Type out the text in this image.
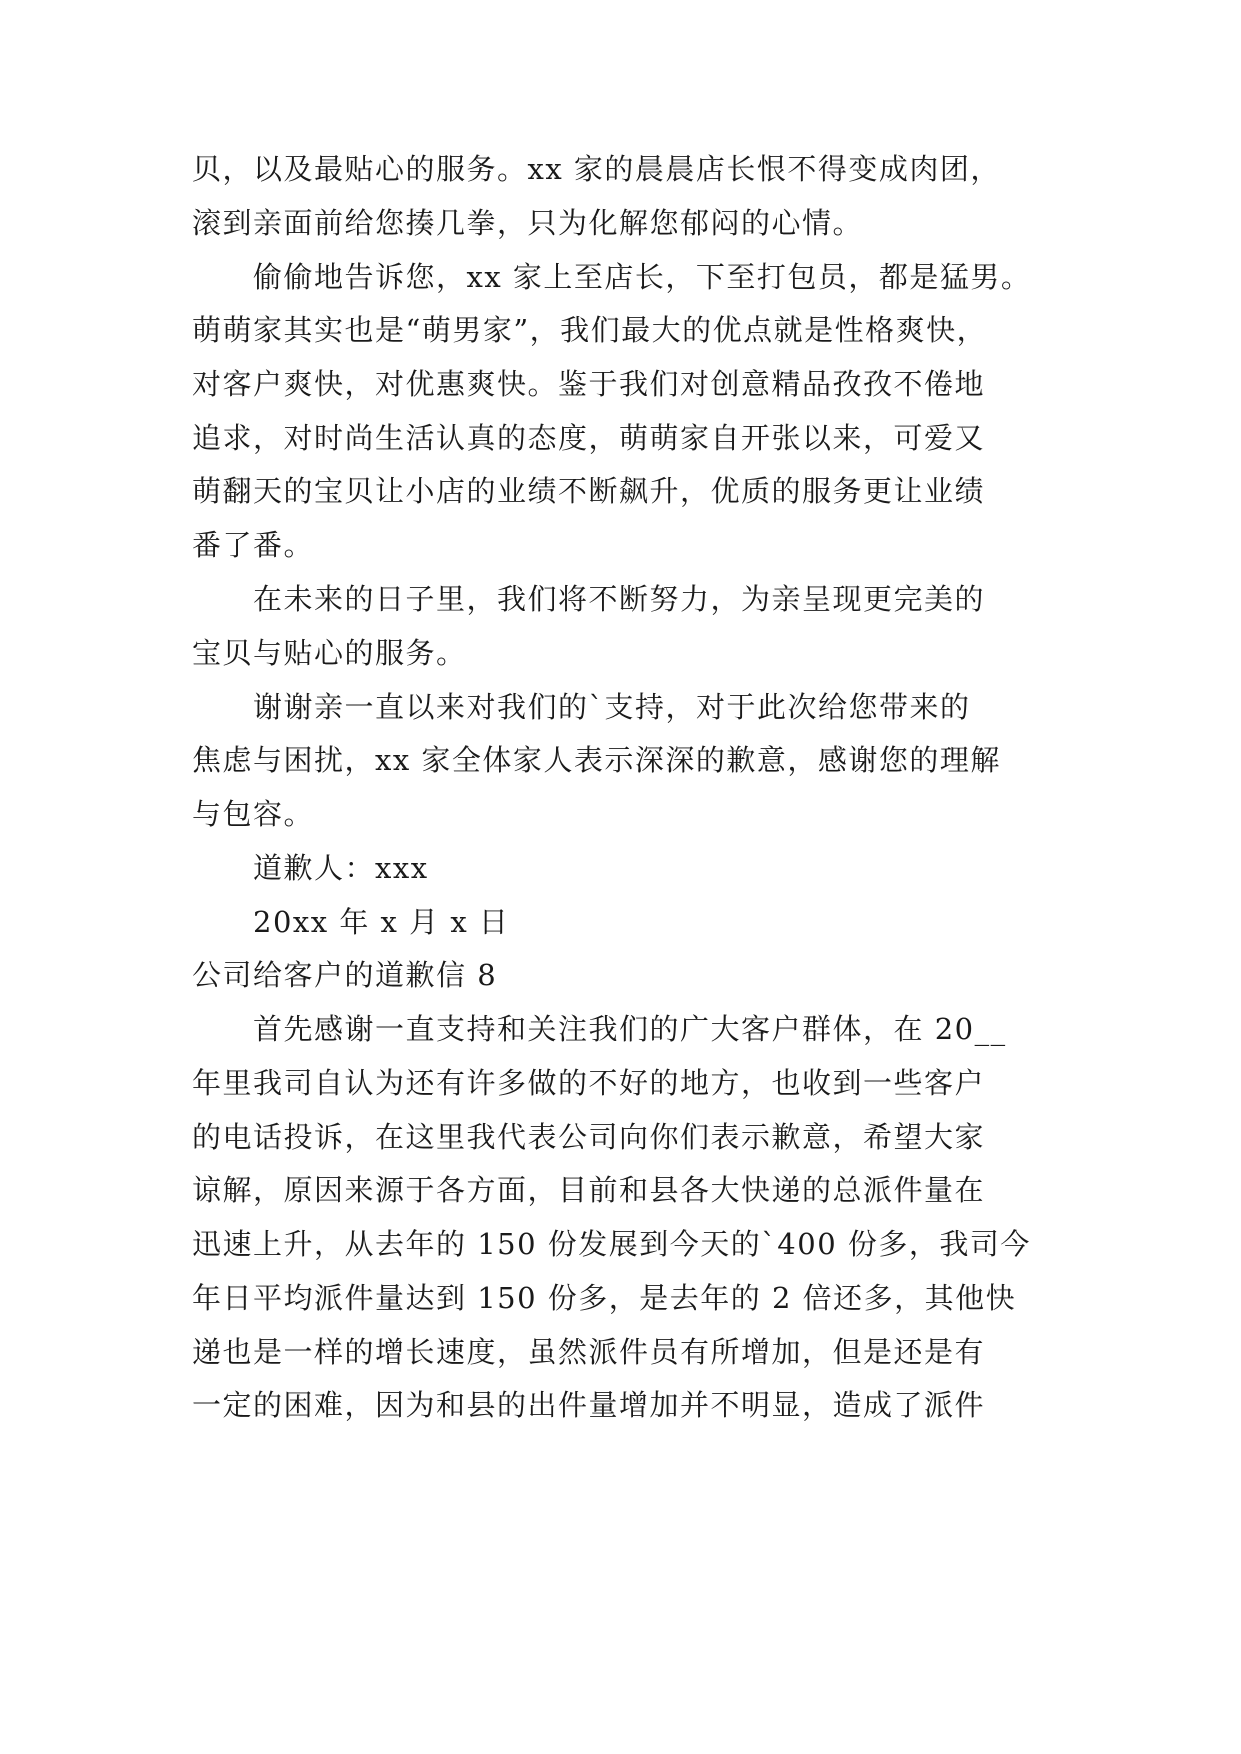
贝，以及最贴心的服务。xx 家的晨晨店长恨不得变成肉团，
滚到亲面前给您揍几拳，只为化解您郁闷的心情。
偷偷地告诉您，xx 家上至店长，下至打包员，都是猛男。
萌萌家其实也是“萌男家”，我们最大的优点就是性格爽快，
对客户爽快，对优惠爽快。鉴于我们对创意精品孜孜不倦地
追求，对时尚生活认真的态度，萌萌家自开张以来，可爱又
萌翻天的宝贝让小店的业绩不断飙升，优质的服务更让业绩
番了番。
在未来的日子里，我们将不断努力，为亲呈现更完美的
宝贝与贴心的服务。
谢谢亲一直以来对我们的`支持，对于此次给您带来的
焦虑与困扰，xx 家全体家人表示深深的歉意，感谢您的理解
与包容。
道歉人：xxx
20xx 年 x 月 x 日
公司给客户的道歉信 8
首先感谢一直支持和关注我们的广大客户群体，在 20__
年里我司自认为还有许多做的不好的地方，也收到一些客户
的电话投诉，在这里我代表公司向你们表示歉意，希望大家
谅解，原因来源于各方面，目前和县各大快递的总派件量在
迅速上升，从去年的 150 份发展到今天的`400 份多，我司今
年日平均派件量达到 150 份多，是去年的 2 倍还多，其他快
递也是一样的增长速度，虽然派件员有所增加，但是还是有
一定的困难，因为和县的出件量增加并不明显，造成了派件
